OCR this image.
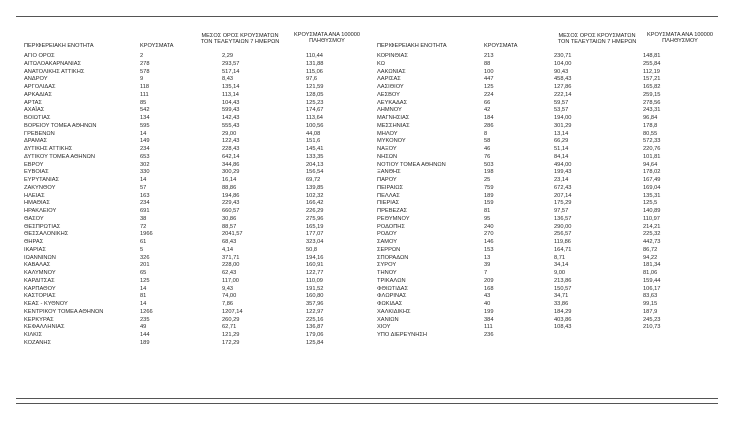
ΠΕΡΙΦΕΡΕΙΑΚΗ ΕΝΟΤΗΤΑ	ΚΡΟΥΣΜΑΤΑ
ΜΕΣΟΣ ΟΡΟΣ ΚΡΟΥΣΜΑΤΩΝ
ΤΟΝ ΤΕΛΕΥΤΑΙΩΝ 7 ΗΜΕΡΩΝ
ΚΡΟΥΣΜΑΤΑ ΑΝΑ 100000
ΠΛΗΘΥΣΜΟΥ
ΠΕΡΙΦΕΡΕΙΑΚΗ ΕΝΟΤΗΤΑ	ΚΡΟΥΣΜΑΤΑ
ΜΕΣΟΣ ΟΡΟΣ ΚΡΟΥΣΜΑΤΩΝ
ΤΟΝ ΤΕΛΕΥΤΑΙΩΝ 7 ΗΜΕΡΩΝ
ΚΡΟΥΣΜΑΤΑ ΑΝΑ 100000
ΠΛΗΘΥΣΜΟΥ
ΑΓΙΟ ΟΡΟΣ	2	2,29	110,44
ΑΙΤΩΛΟΑΚΑΡΝΑΝΙΑΣ	278	293,57	131,88
ΑΝΑΤΟΛΙΚΗΣ ΑΤΤΙΚΗΣ	578	517,14	115,06
ΑΝΔΡΟΥ	9	8,43	97,6
ΑΡΓΟΛΙΔΑΣ	118	135,14	121,59
ΑΡΚΑΔΙΑΣ	111	113,14	128,05
ΑΡΤΑΣ	85	104,43	125,23
ΑΧΑΪΑΣ	542	599,43	174,67
ΒΟΙΩΤΙΑΣ	134	142,43	113,64
ΒΟΡΕΙΟΥ ΤΟΜΕΑ ΑΘΗΝΩΝ	595	555,43	100,56
ΓΡΕΒΕΝΩΝ	14	29,00	44,08
ΔΡΑΜΑΣ	149	122,43	151,6
ΔΥΤΙΚΗΣ ΑΤΤΙΚΗΣ	234	228,43	145,41
ΔΥΤΙΚΟΥ ΤΟΜΕΑ ΑΘΗΝΩΝ	653	642,14	133,35
ΕΒΡΟΥ	302	344,86	204,13
ΕΥΒΟΙΑΣ	330	300,29	156,54
ΕΥΡΥΤΑΝΙΑΣ	14	16,14	69,72
ΖΑΚΥΝΘΟΥ	57	88,86	139,85
ΗΛΕΙΑΣ	163	194,86	102,32
ΗΜΑΘΙΑΣ	234	229,43	166,42
ΗΡΑΚΛΕΙΟΥ	691	660,57	226,29
ΘΑΣΟΥ	38	30,86	275,96
ΘΕΣΠΡΩΤΙΑΣ	72	88,57	165,19
ΘΕΣΣΑΛΟΝΙΚΗΣ	1966	2041,57	177,07
ΘΗΡΑΣ	61	68,43	323,04
ΙΚΑΡΙΑΣ	5	4,14	50,8
ΙΩΑΝΝΙΝΩΝ	326	371,71	194,16
ΚΑΒΑΛΑΣ	201	228,00	160,91
ΚΑΛΥΜΝΟΥ	65	62,43	122,77
ΚΑΡΔΙΤΣΑΣ	125	117,00	110,09
ΚΑΡΠΑΘΟΥ	14	9,43	191,52
ΚΑΣΤΟΡΙΑΣ	81	74,00	160,80
ΚΕΑΣ - ΚΥΘΝΟΥ	14	7,86	357,96
ΚΕΝΤΡΙΚΟΥ ΤΟΜΕΑ ΑΘΗΝΩΝ	1266	1207,14	122,97
ΚΕΡΚΥΡΑΣ	235	260,29	225,16
ΚΕΦΑΛΛΗΝΙΑΣ	49	62,71	136,87
ΚΙΛΚΙΣ	144	121,29	179,06
ΚΟΖΑΝΗΣ	189	172,29	125,84
ΚΟΡΙΝΘΙΑΣ	213	230,71	148,81
ΚΩ	88	104,00	255,84
ΛΑΚΩΝΙΑΣ	100	90,43	112,19
ΛΑΡΙΣΑΣ	447	458,43	157,21
ΛΑΣΙΘΙΟΥ	125	127,86	165,82
ΛΕΣΒΟΥ	224	222,14	259,15
ΛΕΥΚΑΔΑΣ	66	59,57	278,56
ΛΗΜΝΟΥ	42	53,57	243,31
ΜΑΓΝΗΣΙΑΣ	184	194,00	96,84
ΜΕΣΣΗΝΙΑΣ	286	301,29	178,8
ΜΗΛΟΥ	8	13,14	80,55
ΜΥΚΟΝΟΥ	58	66,29	572,33
ΝΑΞΟΥ	46	51,14	220,76
ΝΗΣΩΝ	76	84,14	101,81
ΝΟΤΙΟΥ ΤΟΜΕΑ ΑΘΗΝΩΝ	503	494,00	94,64
ΞΑΝΘΗΣ	198	199,43	178,02
ΠΑΡΟΥ	25	23,14	167,49
ΠΕΙΡΑΙΩΣ	759	672,43	169,04
ΠΕΛΛΑΣ	189	207,14	135,31
ΠΙΕΡΙΑΣ	159	175,29	125,5
ΠΡΕΒΕΖΑΣ	81	97,57	140,89
ΡΕΘΥΜΝΟΥ	95	136,57	110,97
ΡΟΔΟΠΗΣ	240	290,00	214,21
ΡΟΔΟΥ	270	256,57	225,32
ΣΑΜΟΥ	146	119,86	442,73
ΣΕΡΡΩΝ	153	164,71	86,72
ΣΠΟΡΑΔΩΝ	13	8,71	94,22
ΣΥΡΟΥ	39	34,14	181,34
ΤΗΝΟΥ	7	9,00	81,06
ΤΡΙΚΑΛΩΝ	209	213,86	159,44
ΦΘΙΩΤΙΔΑΣ	168	150,57	106,17
ΦΛΩΡΙΝΑΣ	43	34,71	83,63
ΦΩΚΙΔΑΣ	40	33,86	99,15
ΧΑΛΚΙΔΙΚΗΣ	199	184,29	187,9
ΧΑΝΙΩΝ	384	403,86	245,23
ΧΙΟΥ	111	108,43	210,73
ΥΠΟ ΔΙΕΡΕΥΝΗΣΗ	236
